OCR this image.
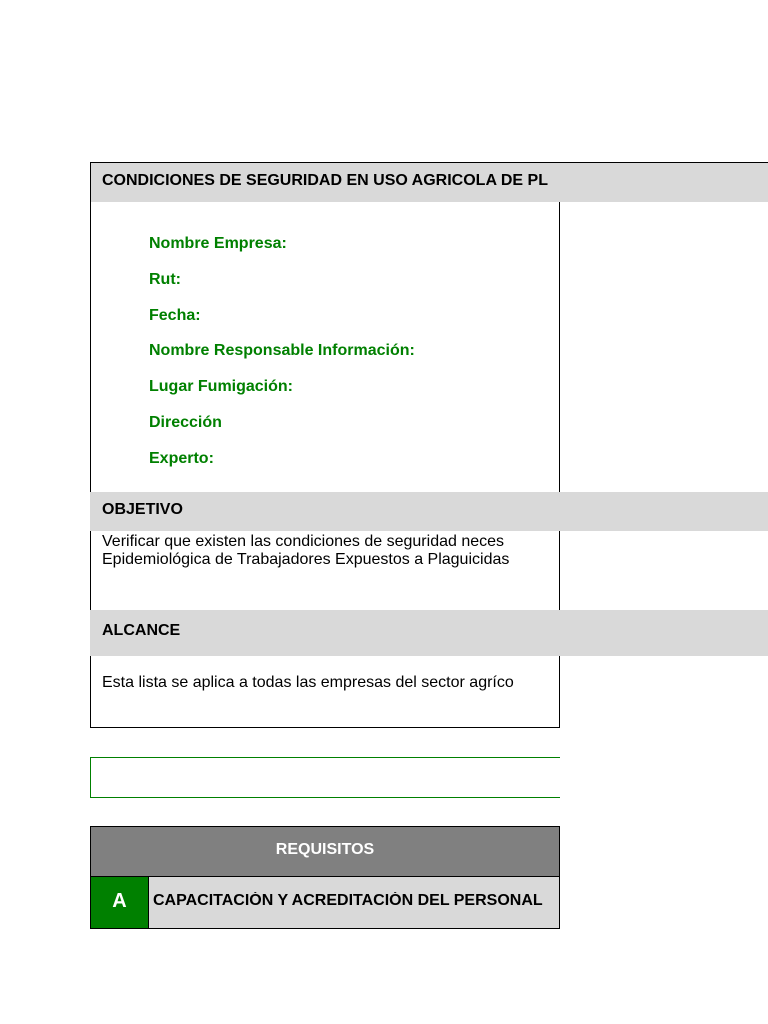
CONDICIONES DE SEGURIDAD EN USO AGRICOLA DE PL
Nombre Empresa:
Rut:
Fecha:
Nombre Responsable Información:
Lugar Fumigación:
Dirección
Experto:
OBJETIVO
Verificar que existen las condiciones de seguridad neces
Epidemiológica de Trabajadores Expuestos a Plaguicidas
ALCANCE
Esta lista se aplica a todas las empresas del sector agríco
REQUISITOS
A	CAPACITACIÓN Y ACREDITACIÓN DEL PERSONAL
